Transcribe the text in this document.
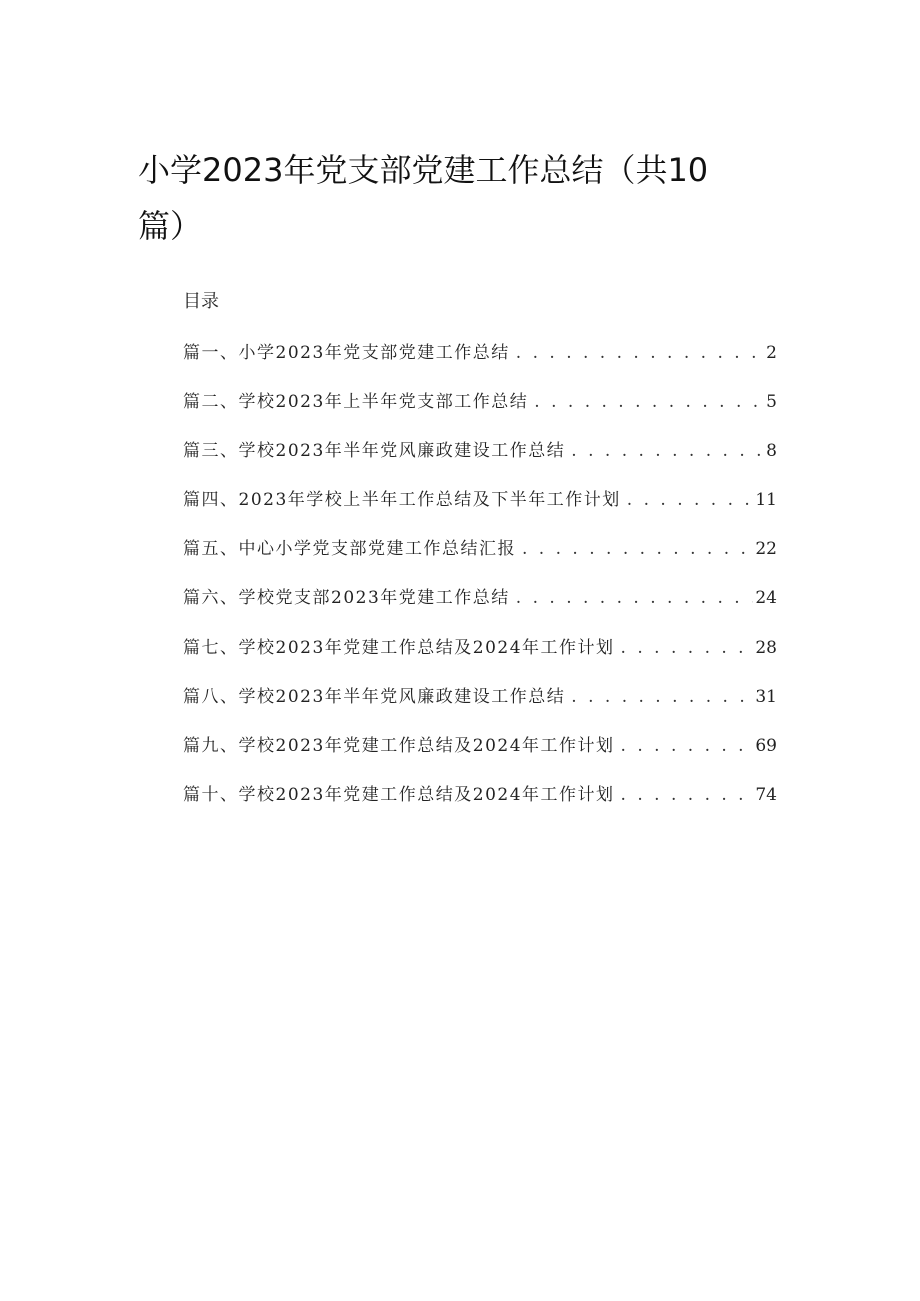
小学2023年党支部党建工作总结（共10篇）
目录
篇一、小学2023年党支部党建工作总结 . . .	2
篇二、学校2023年上半年党支部工作总结 . . .	5
篇三、学校2023年半年党风廉政建设工作总结 . . .	8
篇四、2023年学校上半年工作总结及下半年工作计划 . . .	11
篇五、中心小学党支部党建工作总结汇报 . . .	22
篇六、学校党支部2023年党建工作总结 . . .	24
篇七、学校2023年党建工作总结及2024年工作计划 . . .	28
篇八、学校2023年半年党风廉政建设工作总结 . . .	31
篇九、学校2023年党建工作总结及2024年工作计划 . . .	69
篇十、学校2023年党建工作总结及2024年工作计划 . . .	74
